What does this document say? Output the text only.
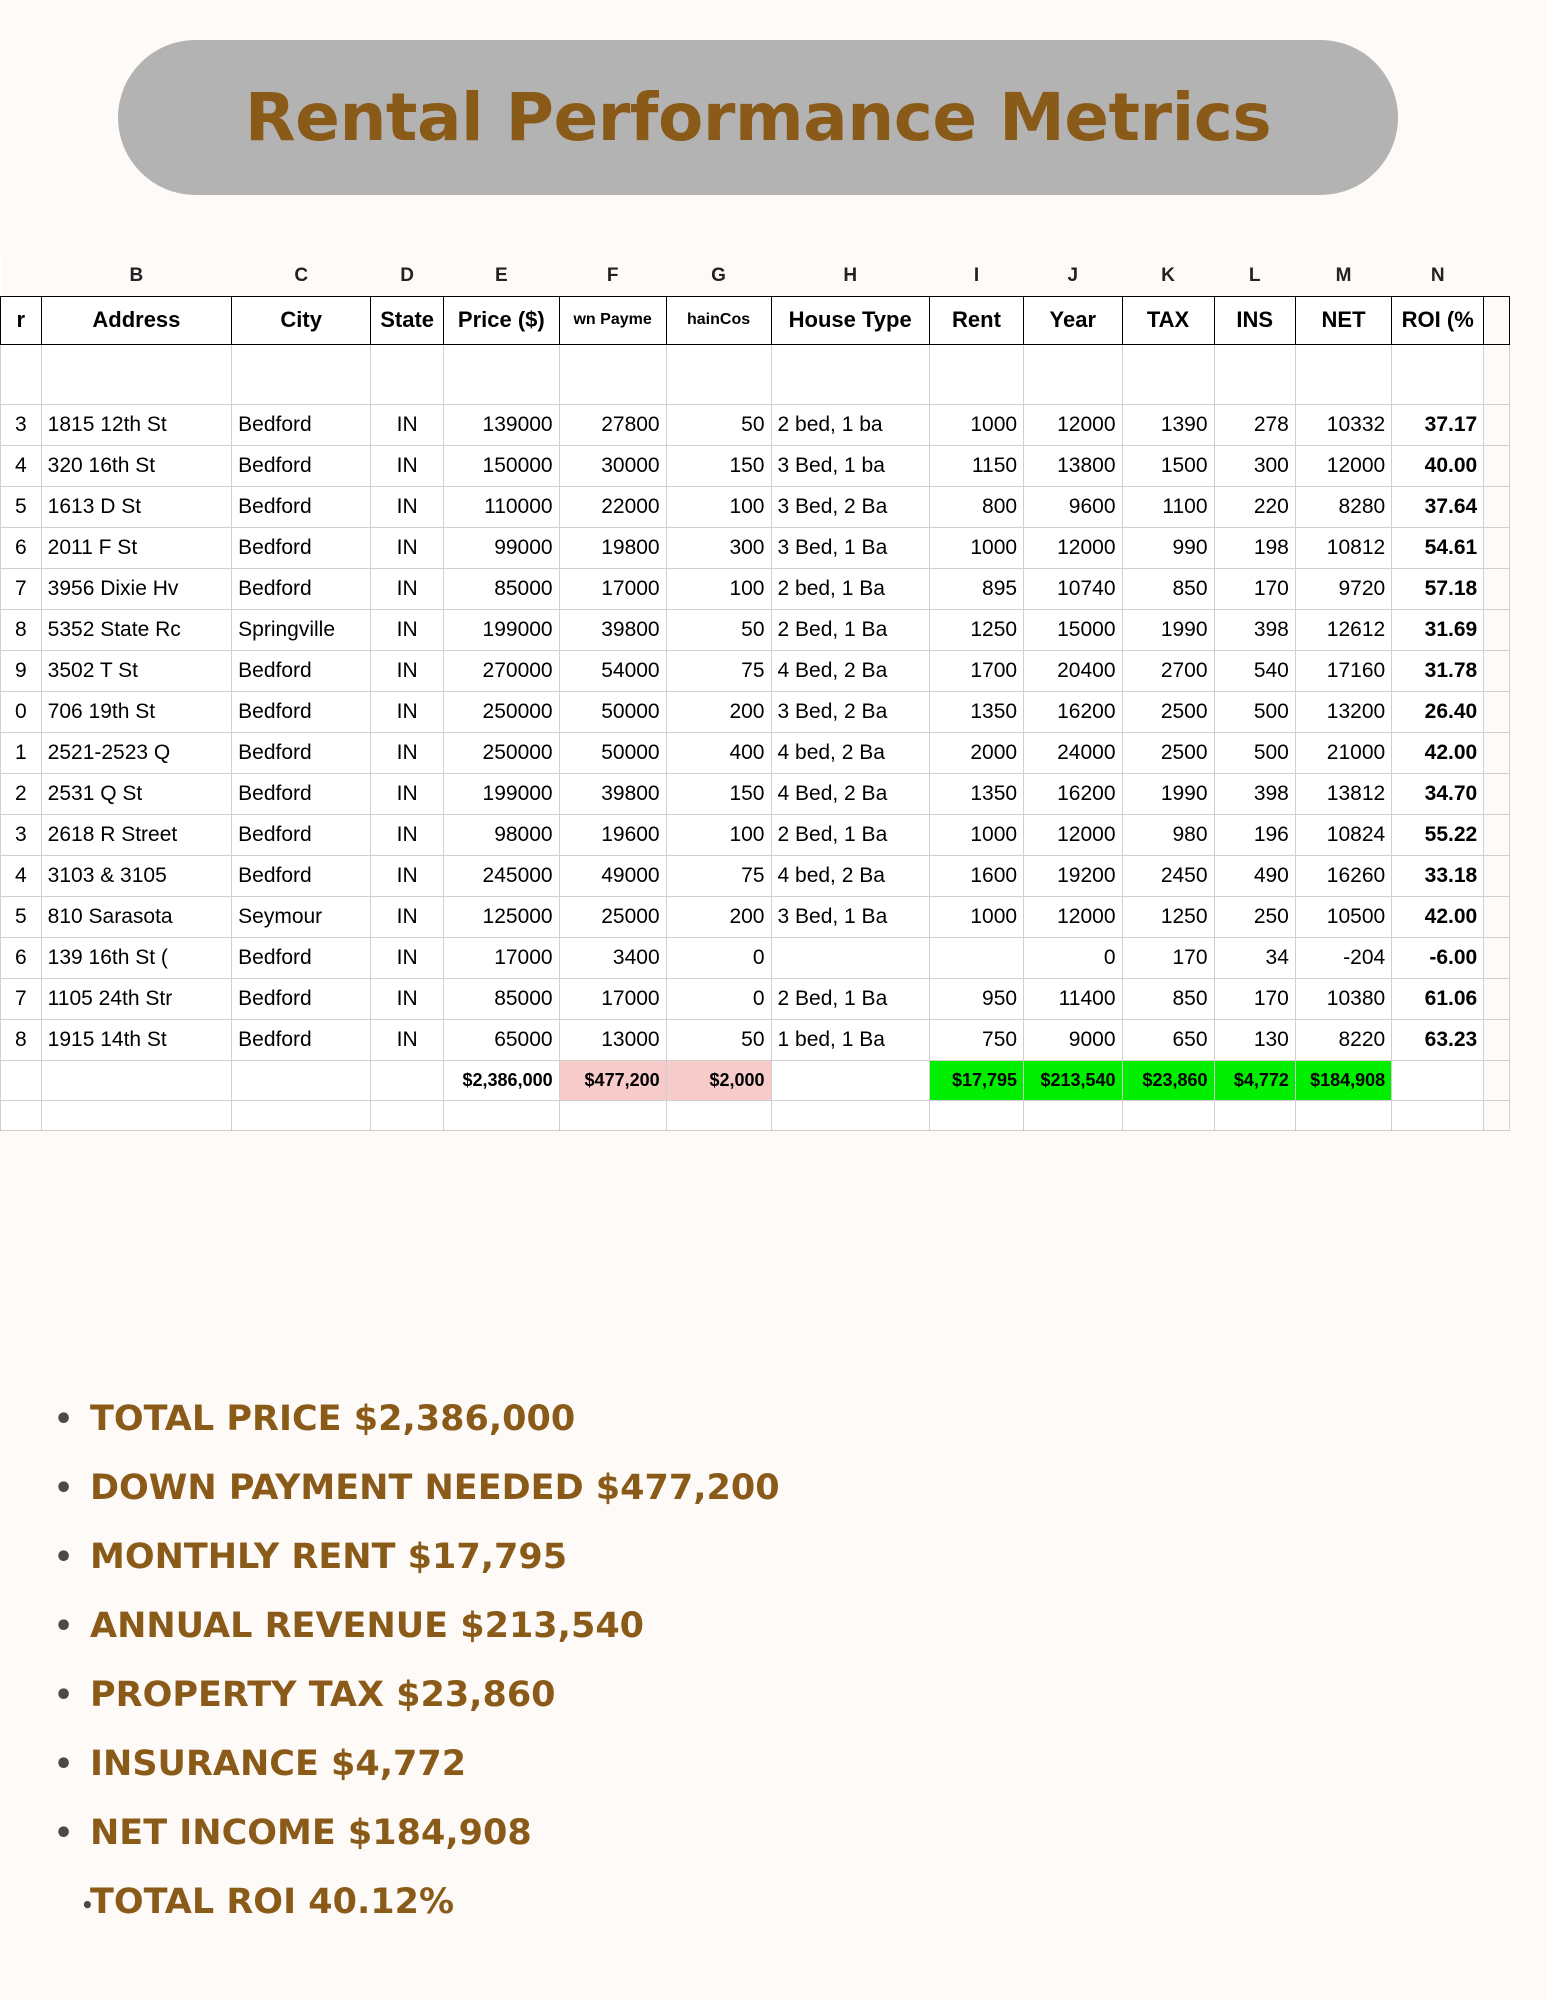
Rental Performance Metrics
	B	C	D	E	F	G	H	I	J	K	L	M	N	
r	Address	City	State	Price ($)	wn Payme	hainCos	House Type	Rent	Year	TAX	INS	NET	ROI (%	

3	1815 12th St	Bedford	IN	139000	27800	50	2 bed, 1 ba	1000	12000	1390	278	10332	37.17	
4	320 16th St	Bedford	IN	150000	30000	150	3 Bed, 1 ba	1150	13800	1500	300	12000	40.00	
5	1613 D St	Bedford	IN	110000	22000	100	3 Bed, 2 Ba	800	9600	1100	220	8280	37.64	
6	2011 F St	Bedford	IN	99000	19800	300	3 Bed, 1 Ba	1000	12000	990	198	10812	54.61	
7	3956 Dixie Hv	Bedford	IN	85000	17000	100	2 bed, 1 Ba	895	10740	850	170	9720	57.18	
8	5352 State Rc	Springville	IN	199000	39800	50	2 Bed, 1 Ba	1250	15000	1990	398	12612	31.69	
9	3502 T St	Bedford	IN	270000	54000	75	4 Bed, 2 Ba	1700	20400	2700	540	17160	31.78	
0	706 19th St	Bedford	IN	250000	50000	200	3 Bed, 2 Ba	1350	16200	2500	500	13200	26.40	
1	2521-2523 Q	Bedford	IN	250000	50000	400	4 bed, 2 Ba	2000	24000	2500	500	21000	42.00	
2	2531 Q St	Bedford	IN	199000	39800	150	4 Bed, 2 Ba	1350	16200	1990	398	13812	34.70	
3	2618 R Street	Bedford	IN	98000	19600	100	2 Bed, 1 Ba	1000	12000	980	196	10824	55.22	
4	3103 & 3105	Bedford	IN	245000	49000	75	4 bed, 2 Ba	1600	19200	2450	490	16260	33.18	
5	810 Sarasota	Seymour	IN	125000	25000	200	3 Bed, 1 Ba	1000	12000	1250	250	10500	42.00	
6	139 16th St (	Bedford	IN	17000	3400	0			0	170	34	-204	-6.00	
7	1105 24th Str	Bedford	IN	85000	17000	0	2 Bed, 1 Ba	950	11400	850	170	10380	61.06	
8	1915 14th St	Bedford	IN	65000	13000	50	1 bed, 1 Ba	750	9000	650	130	8220	63.23	
				$2,386,000	$477,200	$2,000		$17,795	$213,540	$23,860	$4,772	$184,908		

• TOTAL PRICE $2,386,000
• DOWN PAYMENT NEEDED $477,200
• MONTHLY RENT $17,795
• ANNUAL REVENUE $213,540
• PROPERTY TAX $23,860
• INSURANCE $4,772
• NET INCOME $184,908
• TOTAL ROI 40.12%
